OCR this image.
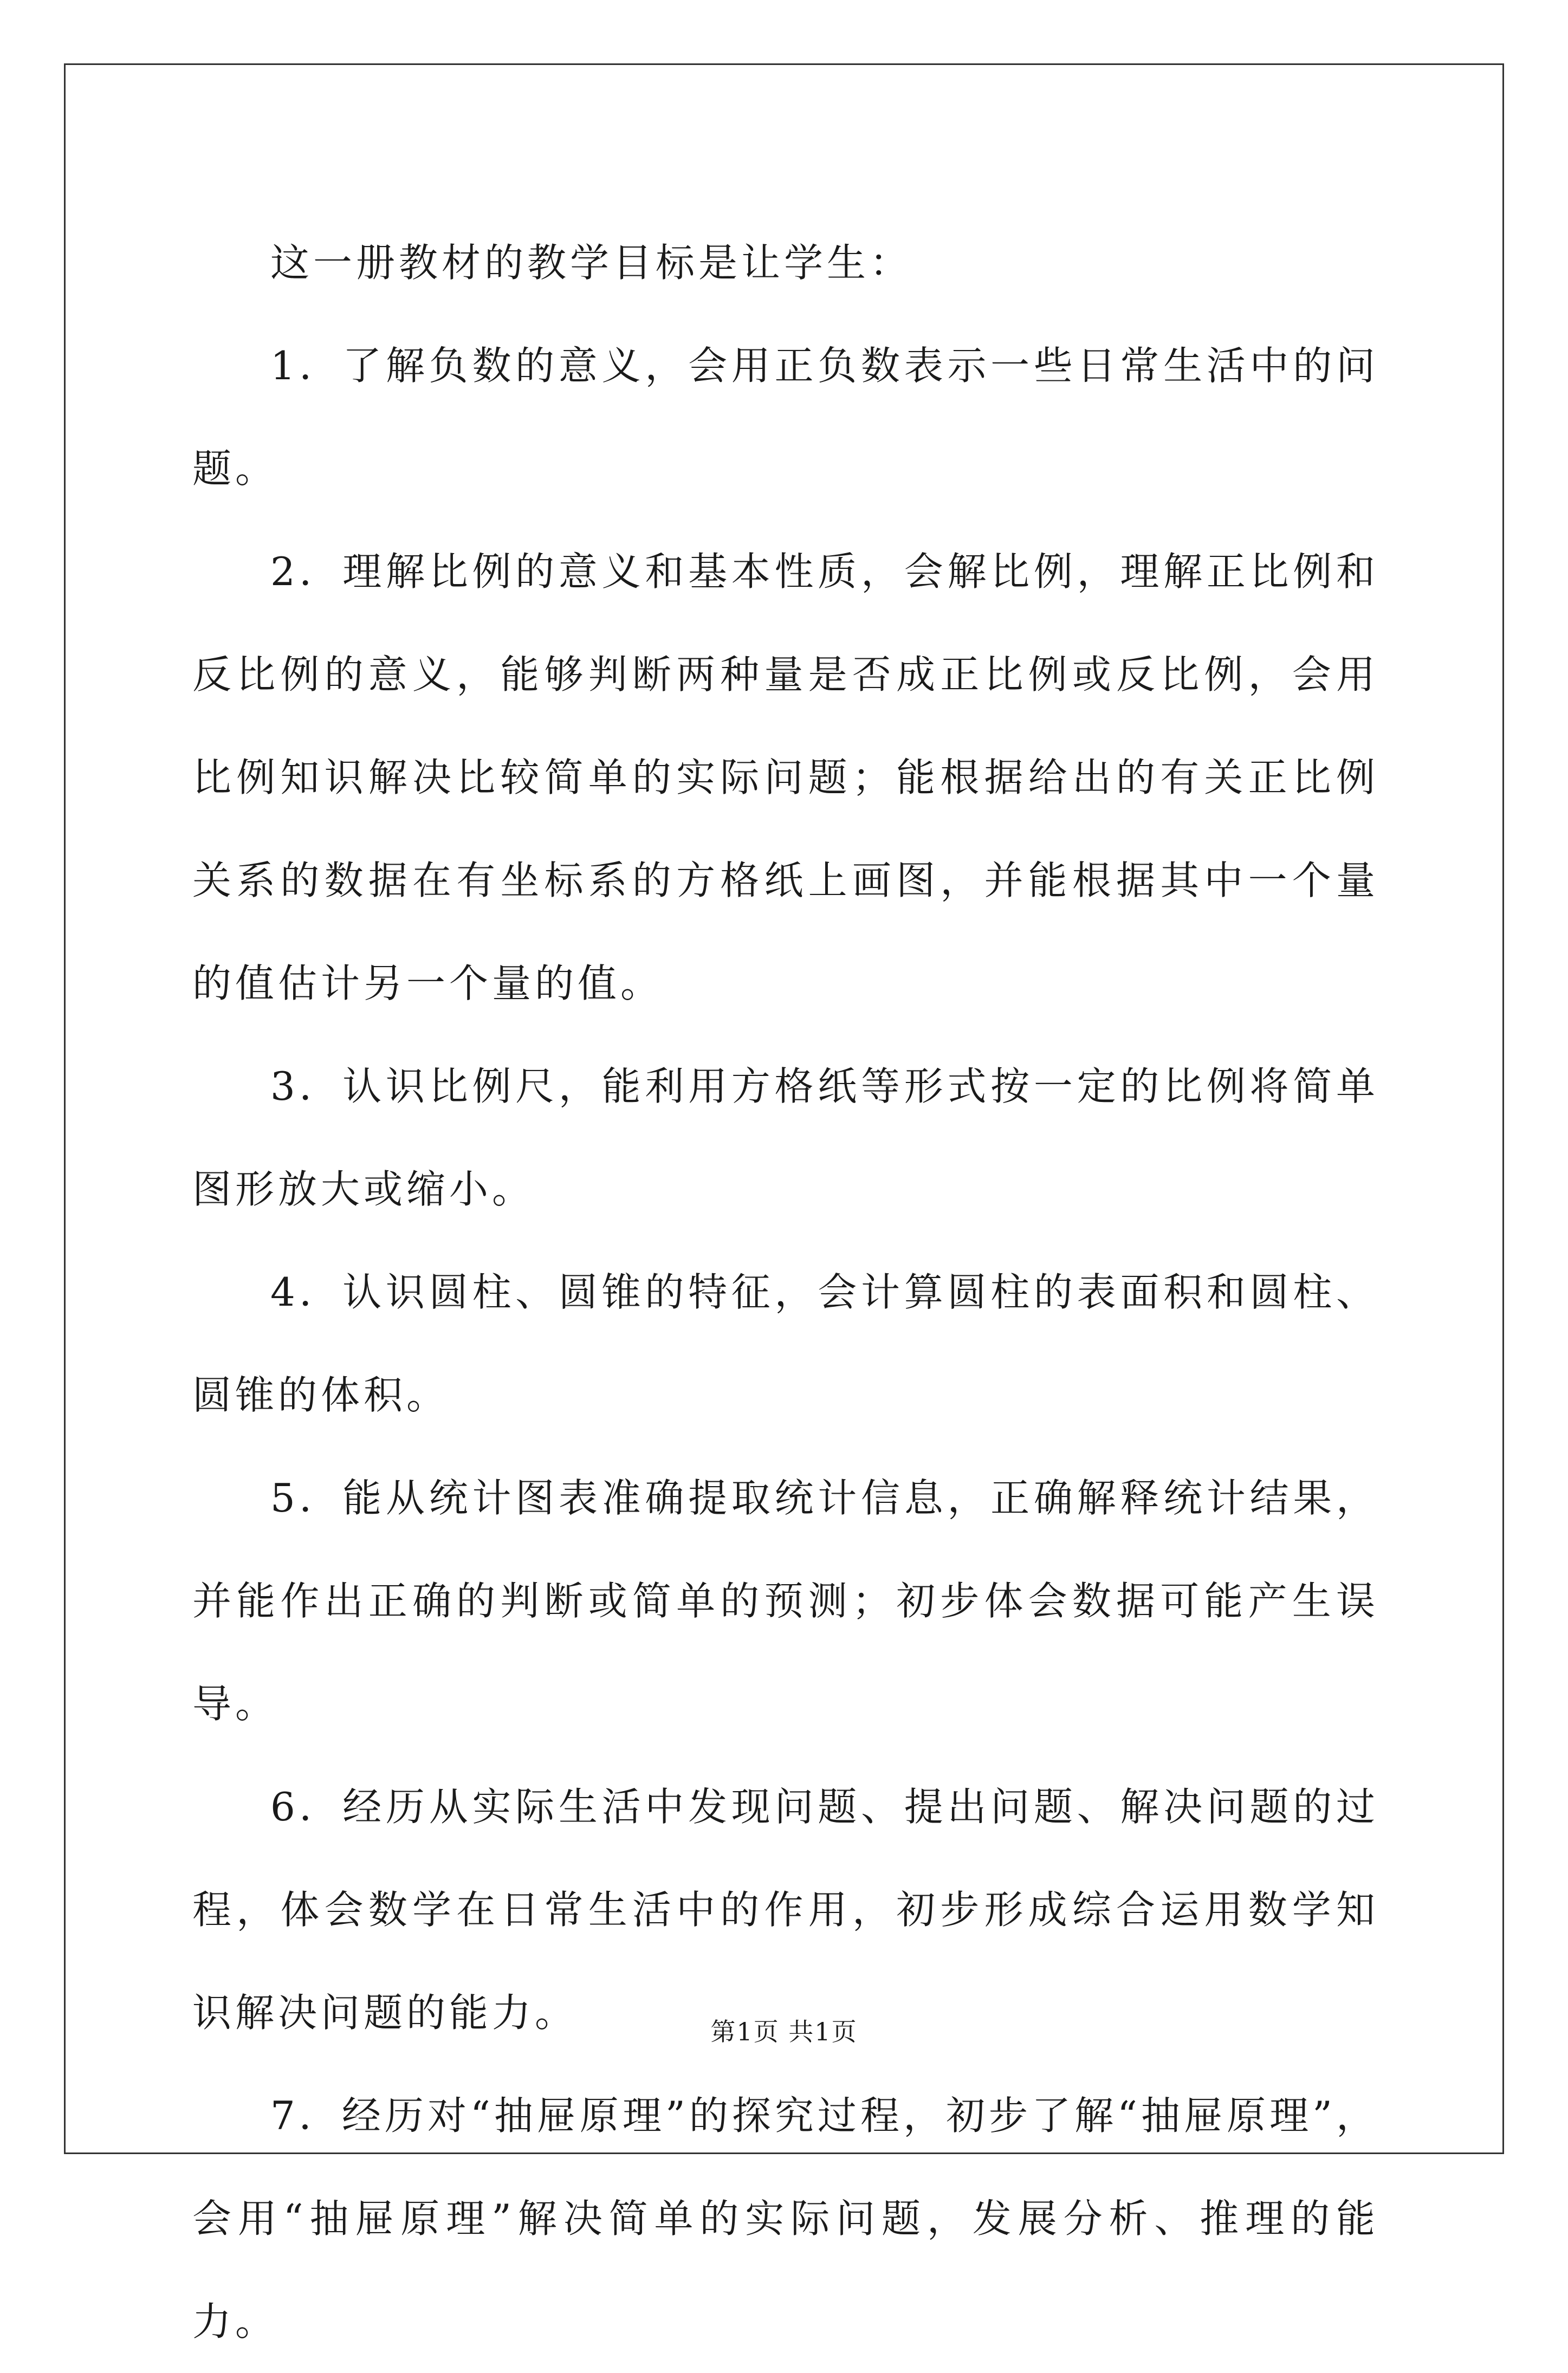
这一册教材的教学目标是让学生：

1．了解负数的意义，会用正负数表示一些日常生活中的问题。

2．理解比例的意义和基本性质，会解比例，理解正比例和反比例的意义，能够判断两种量是否成正比例或反比例，会用比例知识解决比较简单的实际问题；能根据给出的有关正比例关系的数据在有坐标系的方格纸上画图，并能根据其中一个量的值估计另一个量的值。

3．认识比例尺，能利用方格纸等形式按一定的比例将简单图形放大或缩小。

4．认识圆柱、圆锥的特征，会计算圆柱的表面积和圆柱、圆锥的体积。

5．能从统计图表准确提取统计信息，正确解释统计结果，并能作出正确的判断或简单的预测；初步体会数据可能产生误导。

6．经历从实际生活中发现问题、提出问题、解决问题的过程，体会数学在日常生活中的作用，初步形成综合运用数学知识解决问题的能力。

7．经历对“抽屉原理”的探究过程，初步了解“抽屉原理”，会用“抽屉原理”解决简单的实际问题，发展分析、推理的能力。

第1页 共1页
